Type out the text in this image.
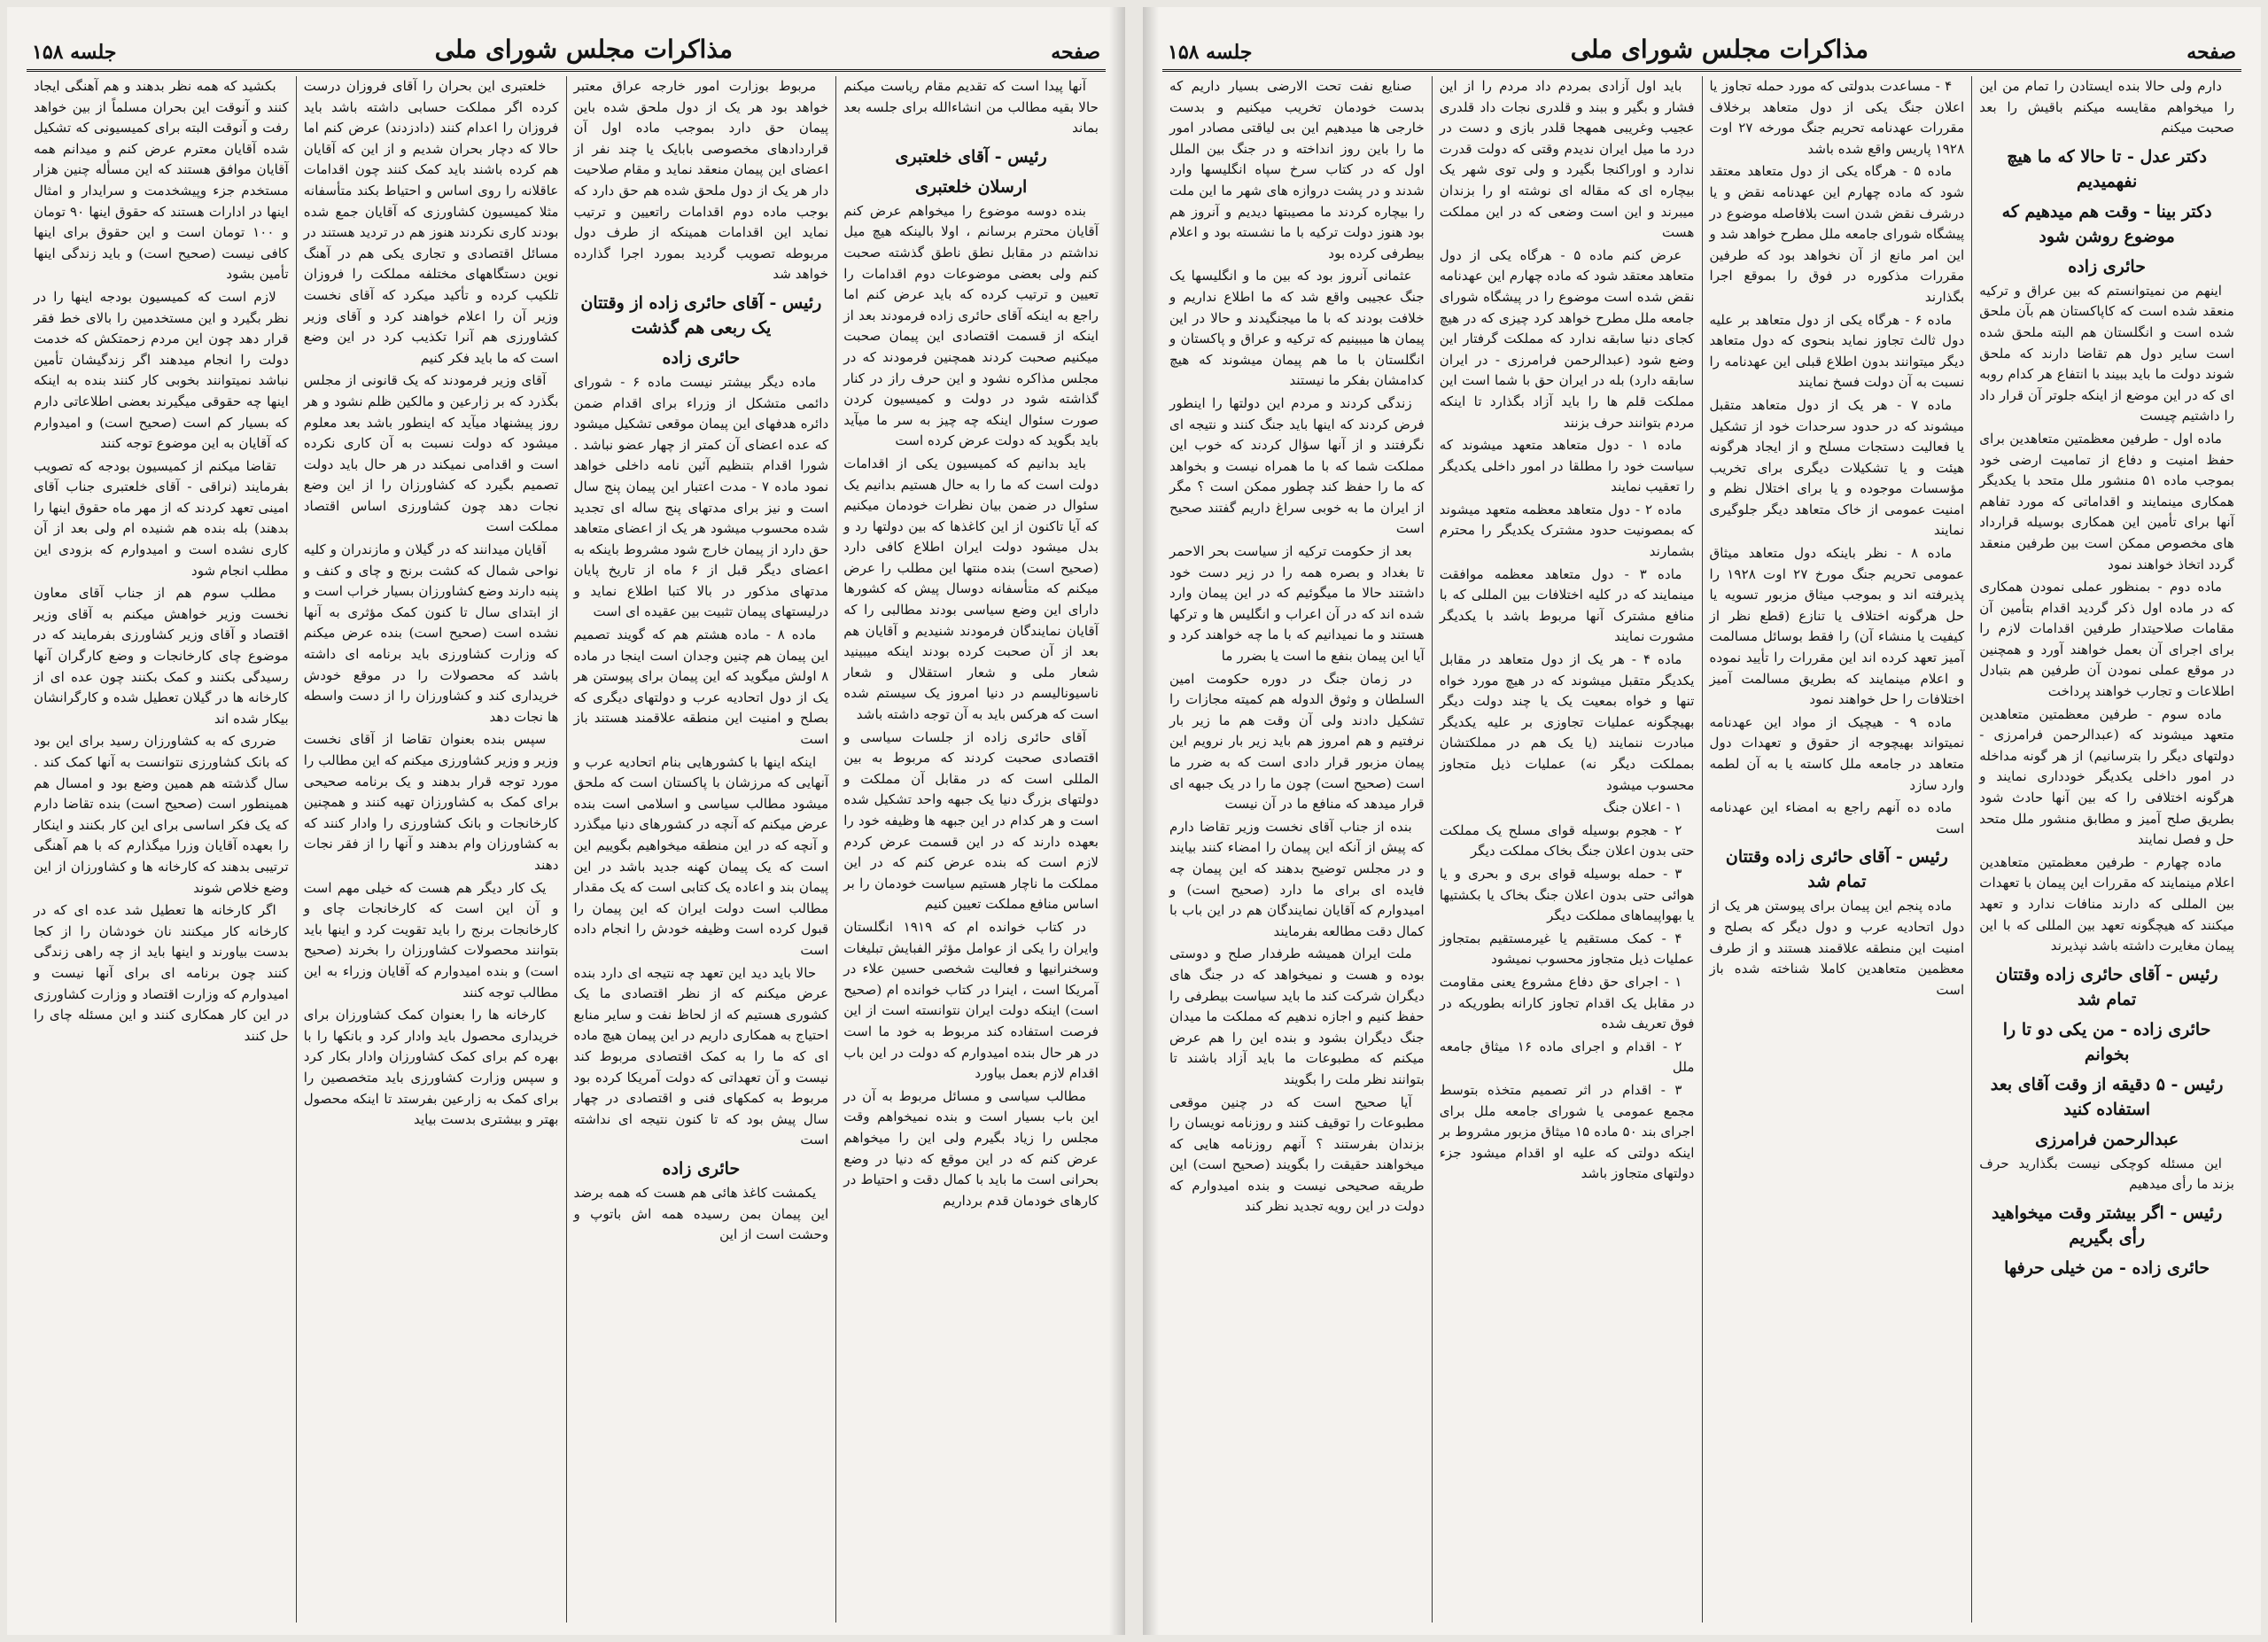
صفحه
مذاکرات مجلس شورای ملی
جلسه ۱۵۸

آنها پیدا است که تقدیم مقام ریاست میکنم حالا بقیه مطالب من انشاءالله برای جلسه بعد بماند

رئیس - آقای خلعتبری
ارسلان خلعتبری

بنده دوسه موضوع را میخواهم عرض کنم آقایان محترم برسانم ، اولا بالینکه هیچ میل نداشتم در مقابل نطق ناطق گذشته صحبت کنم ولی بعضی موضوعات دوم اقدامات را تعیین و ترتیب کرده که باید عرض کنم اما راجع به اینکه آقای حائری زاده فرمودند بعد از اینکه از قسمت اقتصادی این پیمان صحبت میکنیم صحبت کردند همچنین فرمودند که در مجلس مذاکره نشود و این حرف راز در کنار گذاشته شود در دولت و کمیسیون کردن صورت سئوال اینکه چه چیز به سر ما میآید باید بگوید که دولت عرض کرده است

باید بدانیم که کمیسیون یکی از اقدامات دولت است که ما را به حال هستیم بدانیم یک سئوال در ضمن بیان نظرات خودمان میکنیم که آیا تاکنون از این کاغذها که بین دولتها رد و بدل میشود دولت ایران اطلاع کافی دارد (صحیح است) بنده منتها این مطلب را عرض میکنم که متأسفانه دوسال پیش که کشورها دارای این وضع سیاسی بودند مطالبی را که آقایان نمایندگان فرمودند شنیدیم و آقایان هم بعد از آن صحبت کرده بودند اینکه میبینید شعار ملی و شعار استقلال و شعار ناسیونالیسم در دنیا امروز یک سیستم شده است که هرکس باید به آن توجه داشته باشد

آقای حائری زاده از جلسات سیاسی و اقتصادی صحبت کردند که مربوط به بین المللی است که در مقابل آن مملکت و دولتهای بزرگ دنیا یک جبهه واحد تشکیل شده است و هر کدام در این جبهه ها وظیفه خود را بعهده دارند که در این قسمت عرض کردم لازم است که بنده عرض کنم که در این مملکت ما ناچار هستیم سیاست خودمان را بر اساس منافع مملکت تعیین کنیم

در کتاب خوانده ام که ۱۹۱۹ انگلستان وایران را یکی از عوامل مؤثر الفبایش تبلیغات وسخنرانیها و فعالیت شخصی حسین علاء در آمریکا است ، اینرا در کتاب خوانده ام (صحیح است) اینکه دولت ایران نتوانسته است از این فرصت استفاده کند مربوط به خود ما است در هر حال بنده امیدوارم که دولت در این باب اقدام لازم بعمل بیاورد

مطالب سیاسی و مسائل مربوط به آن در این باب بسیار است و بنده نمیخواهم وقت مجلس را زیاد بگیرم ولی این را میخواهم عرض کنم که در این موقع که دنیا در وضع بحرانی است ما باید با کمال دقت و احتیاط در کارهای خودمان قدم برداریم

مربوط بوزارت امور خارجه عراق معتبر خواهد بود هر یک از دول ملحق شده باین پیمان حق دارد بموجب ماده اول آن قراردادهای مخصوصی بابایک یا چند نفر از اعضای این پیمان منعقد نماید و مقام صلاحیت دار هر یک از دول ملحق شده هم حق دارد که بوجب ماده دوم اقدامات راتعیین و ترتیب نماید این اقدامات همینکه از طرف دول مربوطه تصویب گردید بمورد اجرا گذارده خواهد شد

رئیس - آقای حائری زاده از وقتتان یک ربعی هم گذشت
حائری زاده

ماده دیگر بیشتر نیست ماده ۶ - شورای دائمی متشکل از وزراء برای اقدام ضمن دائره هدفهای این پیمان موقعی تشکیل میشود که عده اعضای آن کمتر از چهار عضو نباشد . شورا اقدام بتنظیم آئین نامه داخلی خواهد نمود ماده ۷ - مدت اعتبار این پیمان پنج سال است و نیز برای مدتهای پنج ساله ای تجدید شده محسوب میشود هر یک از اعضای متعاهد حق دارد از پیمان خارج شود مشروط باینکه به اعضای دیگر قبل از ۶ ماه از تاریخ پایان مدتهای مذکور در بالا کتبا اطلاع نماید و درلیستهای پیمان تثبیت بین عقیده ای است

ماده ۸ - ماده هشتم هم که گویند تصمیم این پیمان هم چنین وجدان است اینجا در ماده ۸ اولش میگوید که این پیمان برای پیوستن هر یک از دول اتحادیه عرب و دولتهای دیگری که بصلح و امنیت این منطقه علاقمند هستند باز است

اینکه اینها با کشورهایی بنام اتحادیه عرب و آنهایی که مرزشان با پاکستان است که ملحق میشود مطالب سیاسی و اسلامی است بنده عرض میکنم که آنچه در کشورهای دنیا میگذرد و آنچه که در این منطقه میخواهیم بگوییم این است که یک پیمان کهنه جدید باشد در این پیمان بند و اعاده یک کتابی است که یک مقدار مطالب است دولت ایران که این پیمان را قبول کرده است وظیفه خودش را انجام داده است

حالا باید دید این تعهد چه نتیجه ای دارد بنده عرض میکنم که از نظر اقتصادی ما یک کشوری هستیم که از لحاظ نفت و سایر منابع احتیاج به همکاری داریم در این پیمان هیچ ماده ای که ما را به کمک اقتصادی مربوط کند نیست و آن تعهداتی که دولت آمریکا کرده بود مربوط به کمکهای فنی و اقتصادی در چهار سال پیش بود که تا کنون نتیجه ای نداشته است

حائری زاده

یکمشت کاغذ هائی هم هست که همه برضد این پیمان بمن رسیده همه اش باتوپ و وحشت است از این

خلعتبری این بحران را آقای فروزان درست کرده اگر مملکت حسابی داشته باشد باید فروزان را اعدام کنند (دادزدند) عرض کنم اما حالا که دچار بحران شدیم و از این که آقایان هم کرده باشند باید کمک کنند چون اقدامات عاقلانه را روی اساس و احتیاط بکند متأسفانه مثلا کمیسیون کشاورزی که آقایان جمع شده بودند کاری نکردند هنوز هم در تردید هستند در مسائل اقتصادی و تجاری یکی هم در آهنگ نوین دستگاههای مختلفه مملکت را فروزان تلکیب کرده و تأکید میکرد که آقای نخست وزیر آن را اعلام خواهند کرد و آقای وزیر کشاورزی هم آنرا تکذیب کرد در این وضع است که ما باید فکر کنیم

آقای وزیر فرمودند که یک قانونی از مجلس بگذرد که بر زارعین و مالکین ظلم نشود و هر روز پیشنهاد میآید که اینطور باشد بعد معلوم میشود که دولت نسبت به آن کاری نکرده است و اقدامی نمیکند در هر حال باید دولت تصمیم بگیرد که کشاورزان را از این وضع نجات دهد چون کشاورزی اساس اقتصاد مملکت است

آقایان میدانند که در گیلان و مازندران و کلیه نواحی شمال که کشت برنج و چای و کنف و پنبه دارند وضع کشاورزان بسیار خراب است و از ابتدای سال تا کنون کمک مؤثری به آنها نشده است (صحیح است) بنده عرض میکنم که وزارت کشاورزی باید برنامه ای داشته باشد که محصولات را در موقع خودش خریداری کند و کشاورزان را از دست واسطه ها نجات دهد

سپس بنده بعنوان تقاضا از آقای نخست وزیر و وزیر کشاورزی میکنم که این مطالب را مورد توجه قرار بدهند و یک برنامه صحیحی برای کمک به کشاورزان تهیه کنند و همچنین کارخانجات و بانک کشاورزی را وادار کنند که به کشاورزان وام بدهند و آنها را از فقر نجات دهند

یک کار دیگر هم هست که خیلی مهم است و آن این است که کارخانجات چای و کارخانجات برنج را باید تقویت کرد و اینها باید بتوانند محصولات کشاورزان را بخرند (صحیح است) و بنده امیدوارم که آقایان وزراء به این مطالب توجه کنند

کارخانه ها را بعنوان کمک کشاورزان برای خریداری محصول باید وادار کرد و بانکها را با بهره کم برای کمک کشاورزان وادار بکار کرد و سپس وزارت کشاورزی باید متخصصین را برای کمک به زارعین بفرستد تا اینکه محصول بهتر و بیشتری بدست بیاید

بکشید که همه نظر بدهند و هم آهنگی ایجاد کنند و آنوقت این بحران مسلماً از بین خواهد رفت و آنوقت البته برای کمیسیونی که تشکیل شده آقایان معترم عرض کنم و میدانم همه آقایان موافق هستند که این مسأله چنین هزار مستخدم جزء وپیشخدمت و سرایدار و امثال اینها در ادارات هستند که حقوق اینها ۹۰ تومان و ۱۰۰ تومان است و این حقوق برای اینها کافی نیست (صحیح است) و باید زندگی اینها تأمین بشود

لازم است که کمیسیون بودجه اینها را در نظر بگیرد و این مستخدمین را بالای خط فقر قرار دهد چون این مردم زحمتکش که خدمت دولت را انجام میدهند اگر زندگیشان تأمین نباشد نمیتوانند بخوبی کار کنند بنده به اینکه اینها چه حقوقی میگیرند بعضی اطلاعاتی دارم که بسیار کم است (صحیح است) و امیدوارم که آقایان به این موضوع توجه کنند

تقاضا میکنم از کمیسیون بودجه که تصویب بفرمایند (نراقی - آقای خلعتبری جناب آقای امینی تعهد کردند که از مهر ماه حقوق اینها را بدهند) بله بنده هم شنیده ام ولی بعد از آن کاری نشده است و امیدوارم که بزودی این مطلب انجام شود

مطلب سوم هم از جناب آقای معاون نخست وزیر خواهش میکنم به آقای وزیر اقتصاد و آقای وزیر کشاورزی بفرمایند که در موضوع چای کارخانجات و وضع کارگران آنها رسیدگی بکنند و کمک بکنند چون عده ای از کارخانه ها در گیلان تعطیل شده و کارگرانشان بیکار شده اند

ضرری که به کشاورزان رسید برای این بود که بانک کشاورزی نتوانست به آنها کمک کند . سال گذشته هم همین وضع بود و امسال هم همینطور است (صحیح است) بنده تقاضا دارم که یک فکر اساسی برای این کار بکنند و اینکار را بعهده آقایان وزرا میگذارم که با هم آهنگی ترتیبی بدهند که کارخانه ها و کشاورزان از این وضع خلاص شوند

اگر کارخانه ها تعطیل شد عده ای که در کارخانه کار میکنند نان خودشان را از کجا بدست بیاورند و اینها باید از چه راهی زندگی کنند چون برنامه ای برای آنها نیست و امیدوارم که وزارت اقتصاد و وزارت کشاورزی در این کار همکاری کنند و این مسئله چای را حل کنند

صفحه
مذاکرات مجلس شورای ملی
جلسه ۱۵۸

دارم ولی حالا بنده ایستادن را تمام من این را میخواهم مقایسه میکنم باقیش را بعد صحبت میکنم

دکتر عدل - تا حالا که ما هیچ نفهمیدیم
دکتر بینا - وقت هم میدهیم که موضوع روشن شود
حائری زاده

اینهم من نمیتوانستم که بین عراق و ترکیه منعقد شده است که کاپاکستان هم بآن ملحق شده است و انگلستان هم البته ملحق شده است سایر دول هم تقاضا دارند که ملحق شوند دولت ما باید ببیند با انتفاع هر کدام روبه ای که در این موضع از اینکه جلوتر آن قرار داد را داشتیم چیست

ماده اول - طرفین معظمتین متعاهدین برای حفظ امنیت و دفاع از تمامیت ارضی خود بموجب ماده ۵۱ منشور ملل متحد با یکدیگر همکاری مینمایند و اقداماتی که مورد تفاهم آنها برای تأمین این همکاری بوسیله قرارداد های مخصوص ممکن است بین طرفین منعقد گردد اتخاذ خواهند نمود

ماده دوم - بمنظور عملی نمودن همکاری که در ماده اول ذکر گردید اقدام بتأمین آن مقامات صلاحیتدار طرفین اقدامات لازم را برای اجرای آن بعمل خواهند آورد و همچنین در موقع عملی نمودن آن طرفین هم بتبادل اطلاعات و تجارب خواهند پرداخت

ماده سوم - طرفین معظمتین متعاهدین متعهد میشوند که (عبدالرحمن فرامرزی - دولتهای دیگر را بترسانیم) از هر گونه مداخله در امور داخلی یکدیگر خودداری نمایند و هرگونه اختلافی را که بین آنها حادث شود بطریق صلح آمیز و مطابق منشور ملل متحد حل و فصل نمایند

ماده چهارم - طرفین معظمتین متعاهدین اعلام مینمایند که مقررات این پیمان با تعهدات بین المللی که دارند منافات ندارد و تعهد میکنند که هیچگونه تعهد بین المللی که با این پیمان مغایرت داشته باشد نپذیرند

رئیس - آقای حائری زاده وقتتان تمام شد
حائری زاده - من یکی دو تا را بخوانم
رئیس - ۵ دقیقه از وقت آقای بعد استفاده کنید
عبدالرحمن فرامرزی

این مسئله کوچکی نیست بگذارید حرف بزند ما رأی میدهیم

رئیس - اگر بیشتر وقت میخواهید رأی بگیریم
حائری زاده - من خیلی حرفها

۴ - مساعدت بدولتی که مورد حمله تجاوز یا اعلان جنگ یکی از دول متعاهد برخلاف مقررات عهدنامه تحریم جنگ مورخه ۲۷ اوت ۱۹۲۸ پاریس واقع شده باشد

ماده ۵ - هرگاه یکی از دول متعاهد معتقد شود که ماده چهارم این عهدنامه نقض و یا درشرف نقض شدن است بلافاصله موضوع در پیشگاه شورای جامعه ملل مطرح خواهد شد و این امر مانع از آن نخواهد بود که طرفین مقررات مذکوره در فوق را بموقع اجرا بگذارند

ماده ۶ - هرگاه یکی از دول متعاهد بر علیه دول ثالث تجاوز نماید بنحوی که دول متعاهد دیگر میتوانند بدون اطلاع قبلی این عهدنامه را نسبت به آن دولت فسخ نمایند

ماده ۷ - هر یک از دول متعاهد متقبل میشوند که در حدود سرحدات خود از تشکیل یا فعالیت دستجات مسلح و از ایجاد هرگونه هیئت و یا تشکیلات دیگری برای تخریب مؤسسات موجوده و یا برای اختلال نظم و امنیت عمومی از خاک متعاهد دیگر جلوگیری نمایند

ماده ۸ - نظر باینکه دول متعاهد میثاق عمومی تحریم جنگ مورخ ۲۷ اوت ۱۹۲۸ را پذیرفته اند و بموجب میثاق مزبور تسویه یا حل هرگونه اختلاف یا تنازع (قطع نظر از کیفیت یا منشاء آن) را فقط بوسائل مسالمت آمیز تعهد کرده اند این مقررات را تأیید نموده و اعلام مینمایند که بطریق مسالمت آمیز اختلافات را حل خواهند نمود

ماده ۹ - هیچیک از مواد این عهدنامه نمیتواند بهیچوجه از حقوق و تعهدات دول متعاهد در جامعه ملل کاسته یا به آن لطمه وارد سازد

ماده ده آنهم راجع به امضاء این عهدنامه است

رئیس - آقای حائری زاده وقتتان تمام شد

ماده پنجم این پیمان برای پیوستن هر یک از دول اتحادیه عرب و دول دیگر که بصلح و امنیت این منطقه علاقمند هستند و از طرف معظمین متعاهدین کاملا شناخته شده باز است

باید اول آزادی بمردم داد مردم را از این فشار و بگیر و ببند و قلدری نجات داد قلدری عجیب وغریبی همهجا قلدر بازی و دست در درد ما میل ایران ندیدم وقتی که دولت قدرت ندارد و اوراکنجا بگیرد و ولی توی شهر یک بیچاره ای که مقاله ای نوشته او را بزندان میبرند و این است وضعی که در این مملکت هست

عرض کنم ماده ۵ - هرگاه یکی از دول متعاهد معتقد شود که ماده چهارم این عهدنامه نقض شده است موضوع را در پیشگاه شورای جامعه ملل مطرح خواهد کرد چیزی که در هیچ کجای دنیا سابقه ندارد که مملکت گرفتار این وضع شود (عبدالرحمن فرامرزی - در ایران سابقه دارد) بله در ایران حق با شما است این مملکت قلم ها را باید آزاد بگذارد تا اینکه مردم بتوانند حرف بزنند

ماده ۱ - دول متعاهد متعهد میشوند که سیاست خود را مطلقا در امور داخلی یکدیگر را تعقیب نمایند

ماده ۲ - دول متعاهد معظمه متعهد میشوند که بمصونیت حدود مشترک یکدیگر را محترم بشمارند

ماده ۳ - دول متعاهد معظمه موافقت مینمایند که در کلیه اختلافات بین المللی که با منافع مشترک آنها مربوط باشد با یکدیگر مشورت نمایند

ماده ۴ - هر یک از دول متعاهد در مقابل یکدیگر متقبل میشوند که در هیچ مورد خواه تنها و خواه بمعیت یک یا چند دولت دیگر بهیچگونه عملیات تجاوزی بر علیه یکدیگر مبادرت ننمایند (یا یک هم در مملکتشان بمملکت دیگر نه) عملیات ذیل متجاوز محسوب میشود

۱ - اعلان جنگ

۲ - هجوم بوسیله قوای مسلح یک مملکت حتی بدون اعلان جنگ بخاک مملکت دیگر

۳ - حمله بوسیله قوای بری و بحری و یا هوائی حتی بدون اعلان جنگ بخاک یا بکشتیها یا بهواپیماهای مملکت دیگر

۴ - کمک مستقیم یا غیرمستقیم بمتجاوز عملیات ذیل متجاوز محسوب نمیشود

۱ - اجرای حق دفاع مشروع یعنی مقاومت در مقابل یک اقدام تجاوز کارانه بطوریکه در فوق تعریف شده

۲ - اقدام و اجرای ماده ۱۶ میثاق جامعه ملل

۳ - اقدام در اثر تصمیم متخذه بتوسط مجمع عمومی یا شورای جامعه ملل برای اجرای بند ۵۰ ماده ۱۵ میثاق مزبور مشروط بر اینکه دولتی که علیه او اقدام میشود جزء دولتهای متجاوز باشد

صنایع نفت تحت الارضی بسیار داریم که بدست خودمان تخریب میکنیم و بدست خارجی ها میدهیم این بی لیاقتی مصادر امور ما را باین روز انداخته و در جنگ بین الملل اول که در کتاب سرخ سپاه انگلیسها وارد شدند و در پشت دروازه های شهر ما این ملت را بیچاره کردند ما مصیبتها دیدیم و آنروز هم بود هنوز دولت ترکیه با ما نشسته بود و اعلام بیطرفی کرده بود

عثمانی آنروز بود که بین ما و انگلیسها یک جنگ عجیبی واقع شد که ما اطلاع نداریم و خلافت بودند که با ما میجنگیدند و حالا در این پیمان ها میبینیم که ترکیه و عراق و پاکستان و انگلستان با ما هم پیمان میشوند که هیچ کدامشان بفکر ما نیستند

زندگی کردند و مردم این دولتها را اینطور فرض کردند که اینها باید جنگ کنند و نتیجه ای نگرفتند و از آنها سؤال کردند که خوب این مملکت شما که با ما همراه نیست و بخواهد که ما را حفظ کند چطور ممکن است ؟ مگر از ایران ما به خوبی سراغ داریم گفتند صحیح است

بعد از حکومت ترکیه از سیاست بحر الاحمر تا بغداد و بصره همه را در زیر دست خود داشتند حالا ما میگوئیم که در این پیمان وارد شده اند که در آن اعراب و انگلیس ها و ترکها هستند و ما نمیدانیم که با ما چه خواهند کرد و آیا این پیمان بنفع ما است یا بضرر ما

در زمان جنگ در دوره حکومت امین السلطان و وثوق الدوله هم کمیته مجازات را تشکیل دادند ولی آن وقت هم ما زیر بار نرفتیم و هم امروز هم باید زیر بار نرویم این پیمان مزبور قرار دادی است که به ضرر ما است (صحیح است) چون ما را در یک جبهه ای قرار میدهد که منافع ما در آن نیست

بنده از جناب آقای نخست وزیر تقاضا دارم که پیش از آنکه این پیمان را امضاء کنند بیایند و در مجلس توضیح بدهند که این پیمان چه فایده ای برای ما دارد (صحیح است) و امیدوارم که آقایان نمایندگان هم در این باب با کمال دقت مطالعه بفرمایند

ملت ایران همیشه طرفدار صلح و دوستی بوده و هست و نمیخواهد که در جنگ های دیگران شرکت کند ما باید سیاست بیطرفی را حفظ کنیم و اجازه ندهیم که مملکت ما میدان جنگ دیگران بشود و بنده این را هم عرض میکنم که مطبوعات ما باید آزاد باشند تا بتوانند نظر ملت را بگویند

آیا صحیح است که در چنین موقعی مطبوعات را توقیف کنند و روزنامه نویسان را بزندان بفرستند ؟ آنهم روزنامه هایی که میخواهند حقیقت را بگویند (صحیح است) این طریقه صحیحی نیست و بنده امیدوارم که دولت در این رویه تجدید نظر کند
